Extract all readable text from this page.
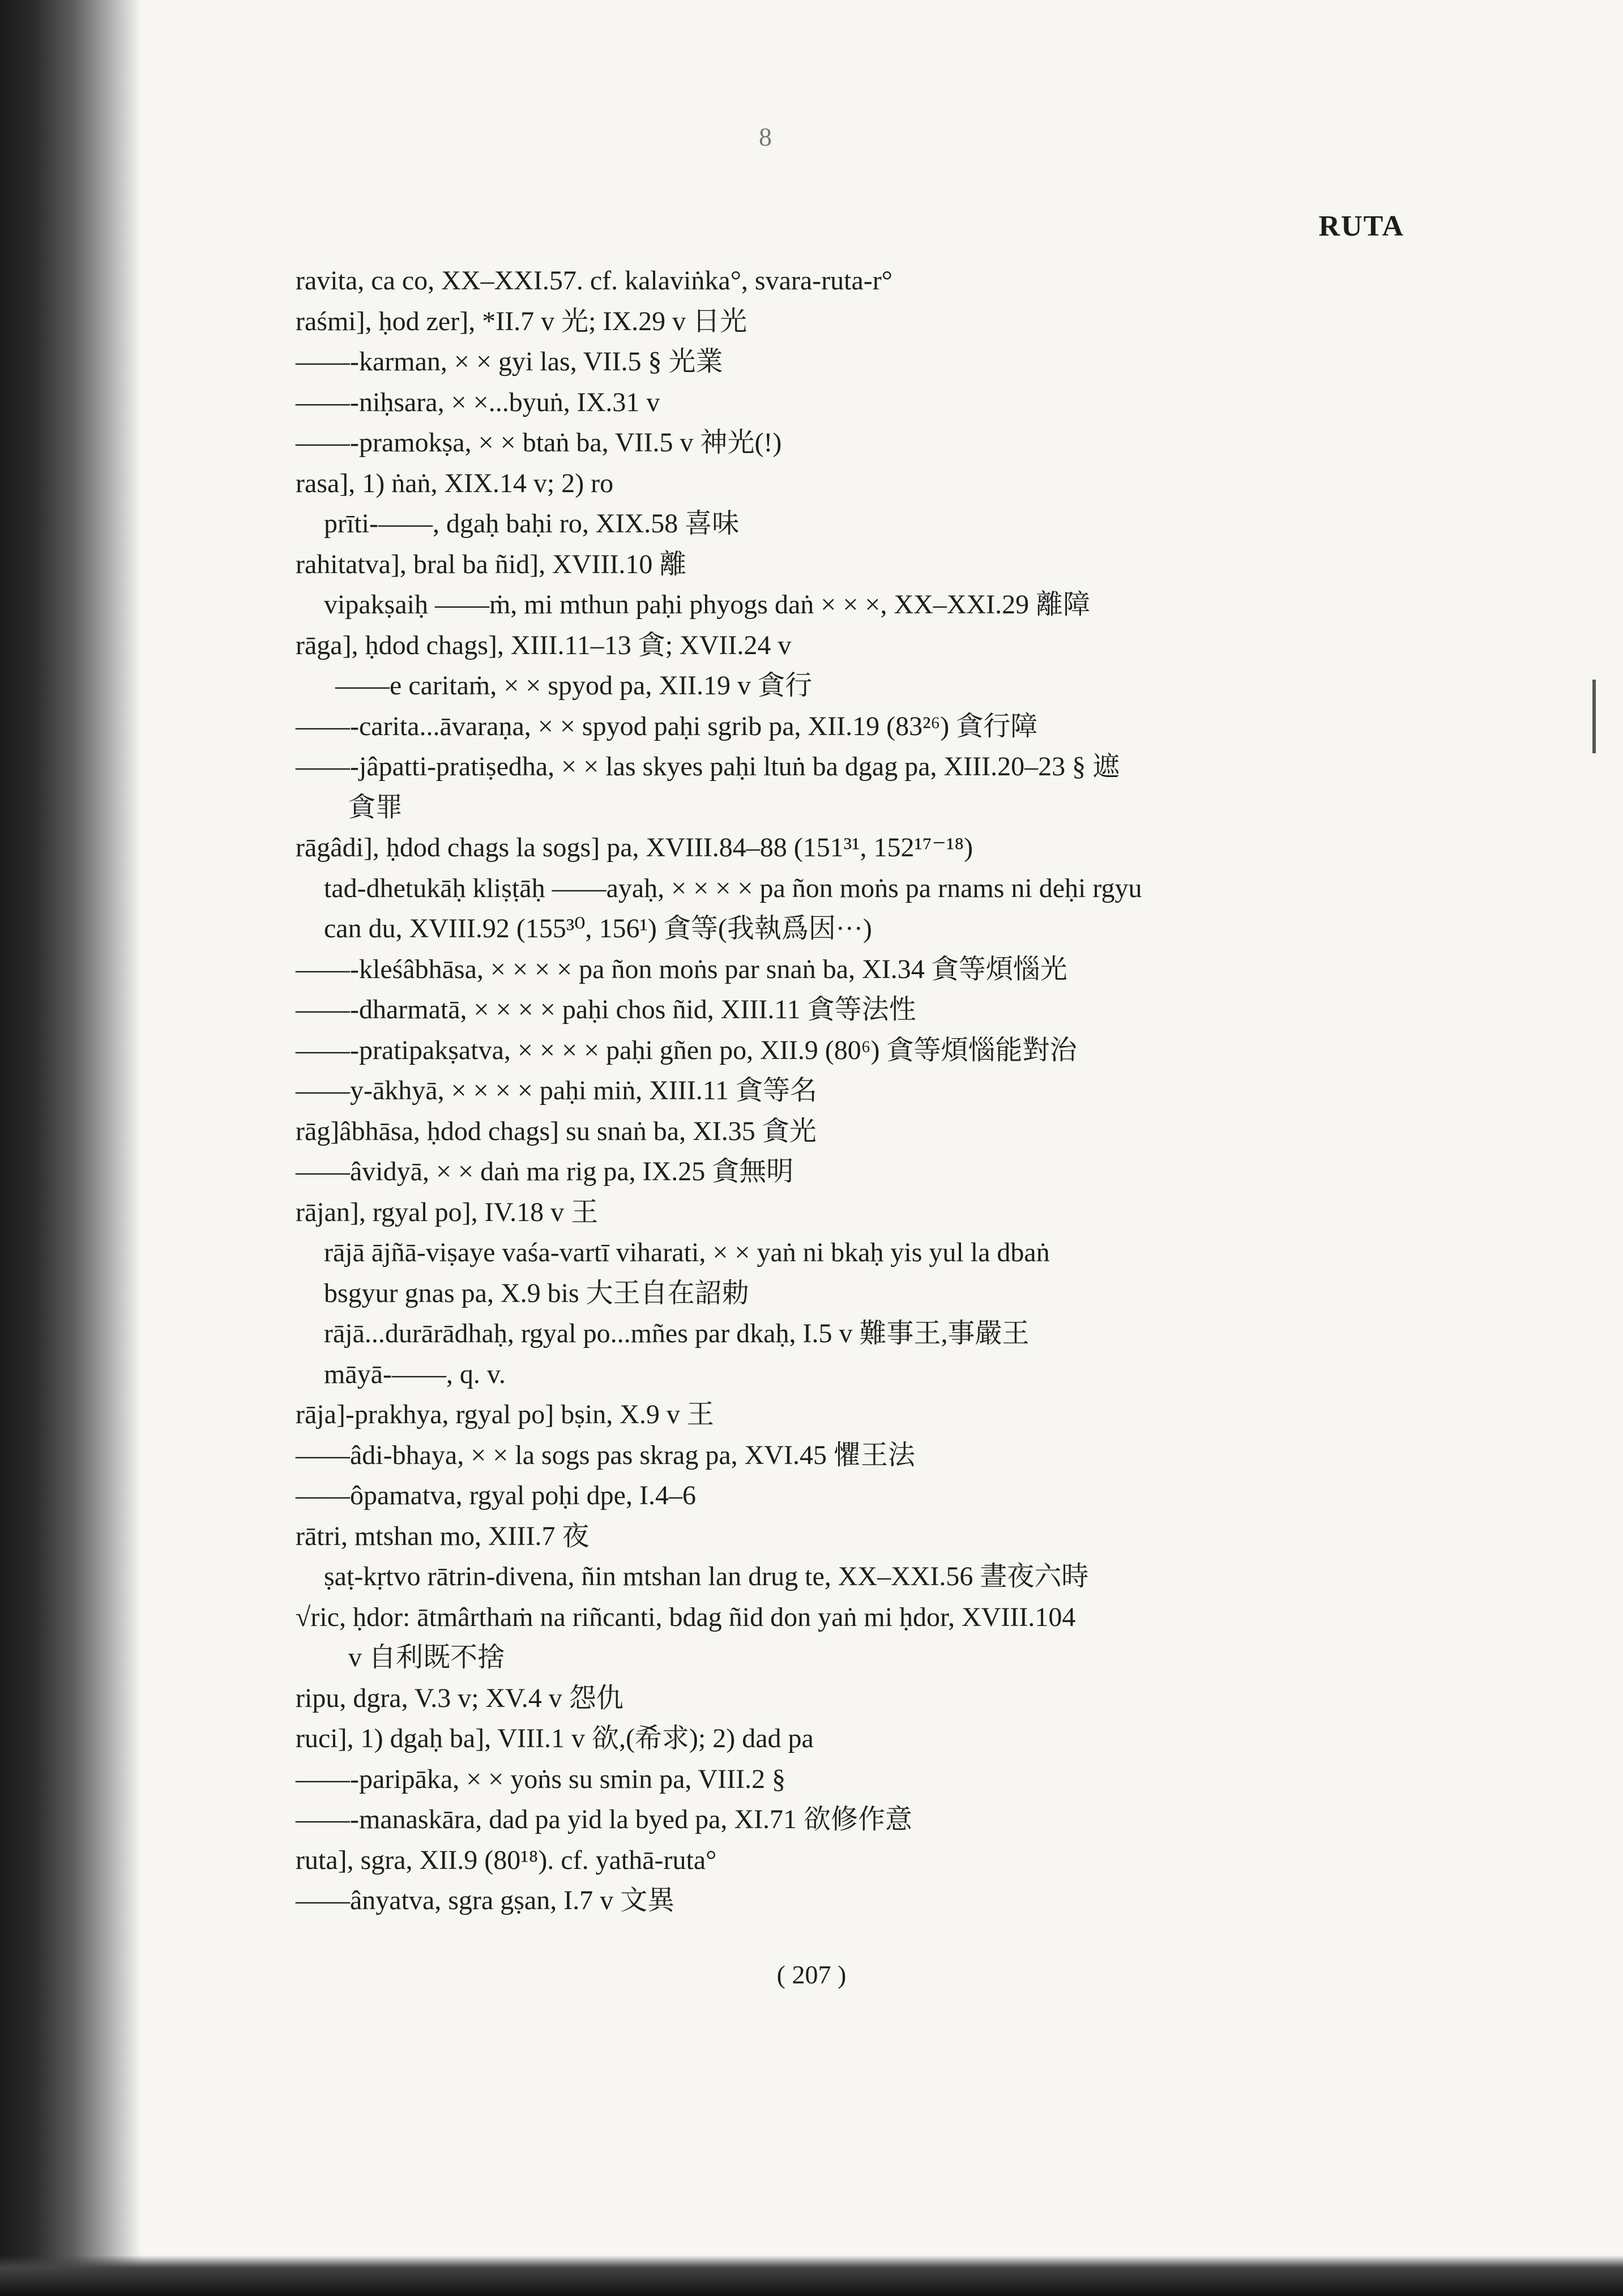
8
RUTA
ravita, ca co, XX–XXI.57. cf. kalaviṅka°, svara-ruta-r°
raśmi], ḥod zer], *II.7 v 光; IX.29 v 日光
——-karman, × × gyi las, VII.5 § 光業
——-niḥsara, × ×...byuṅ, IX.31 v
——-pramokṣa, × × btaṅ ba, VII.5 v 神光(!)
rasa], 1) ṅaṅ, XIX.14 v; 2) ro
prīti-——, dgaḥ baḥi ro, XIX.58 喜味
rahitatva], bral ba ñid], XVIII.10 離
vipakṣaiḥ ——ṁ, mi mthun paḥi phyogs daṅ × × ×, XX–XXI.29 離障
rāga], ḥdod chags], XIII.11–13 貪; XVII.24 v
——e caritaṁ, × × spyod pa, XII.19 v 貪行
——-carita...āvaraṇa, × × spyod paḥi sgrib pa, XII.19 (83²⁶) 貪行障
——-jâpatti-pratiṣedha, × × las skyes paḥi ltuṅ ba dgag pa, XIII.20–23 § 遮
貪罪
rāgâdi], ḥdod chags la sogs] pa, XVIII.84–88 (151³¹, 152¹⁷⁻¹⁸)
tad-dhetukāḥ kliṣṭāḥ ——ayaḥ, × × × × pa ñon moṅs pa rnams ni deḥi rgyu
can du, XVIII.92 (155³⁰, 156¹) 貪等(我執爲因···)
——-kleśâbhāsa, × × × × pa ñon moṅs par snaṅ ba, XI.34 貪等煩惱光
——-dharmatā, × × × × paḥi chos ñid, XIII.11 貪等法性
——-pratipakṣatva, × × × × paḥi gñen po, XII.9 (80⁶) 貪等煩惱能對治
——y-ākhyā, × × × × paḥi miṅ, XIII.11 貪等名
rāg]âbhāsa, ḥdod chags] su snaṅ ba, XI.35 貪光
——âvidyā, × × daṅ ma rig pa, IX.25 貪無明
rājan], rgyal po], IV.18 v 王
rājā ājñā-viṣaye vaśa-vartī viharati, × × yaṅ ni bkaḥ yis yul la dbaṅ
bsgyur gnas pa, X.9 bis 大王自在詔勅
rājā...durārādhaḥ, rgyal po...mñes par dkaḥ, I.5 v 難事王,事嚴王
māyā-——, q. v.
rāja]-prakhya, rgyal po] bṣin, X.9 v 王
——âdi-bhaya, × × la sogs pas skrag pa, XVI.45 懼王法
——ôpamatva, rgyal poḥi dpe, I.4–6
rātri, mtshan mo, XIII.7 夜
ṣaṭ-kṛtvo rātrin-divena, ñin mtshan lan drug te, XX–XXI.56 晝夜六時
√ric, ḥdor: ātmârthaṁ na riñcanti, bdag ñid don yaṅ mi ḥdor, XVIII.104
v 自利既不捨
ripu, dgra, V.3 v; XV.4 v 怨仇
ruci], 1) dgaḥ ba], VIII.1 v 欲,(希求); 2) dad pa
——-paripāka, × × yoṅs su smin pa, VIII.2 §
——-manaskāra, dad pa yid la byed pa, XI.71 欲修作意
ruta], sgra, XII.9 (80¹⁸). cf. yathā-ruta°
——ânyatva, sgra gṣan, I.7 v 文異
( 207 )
